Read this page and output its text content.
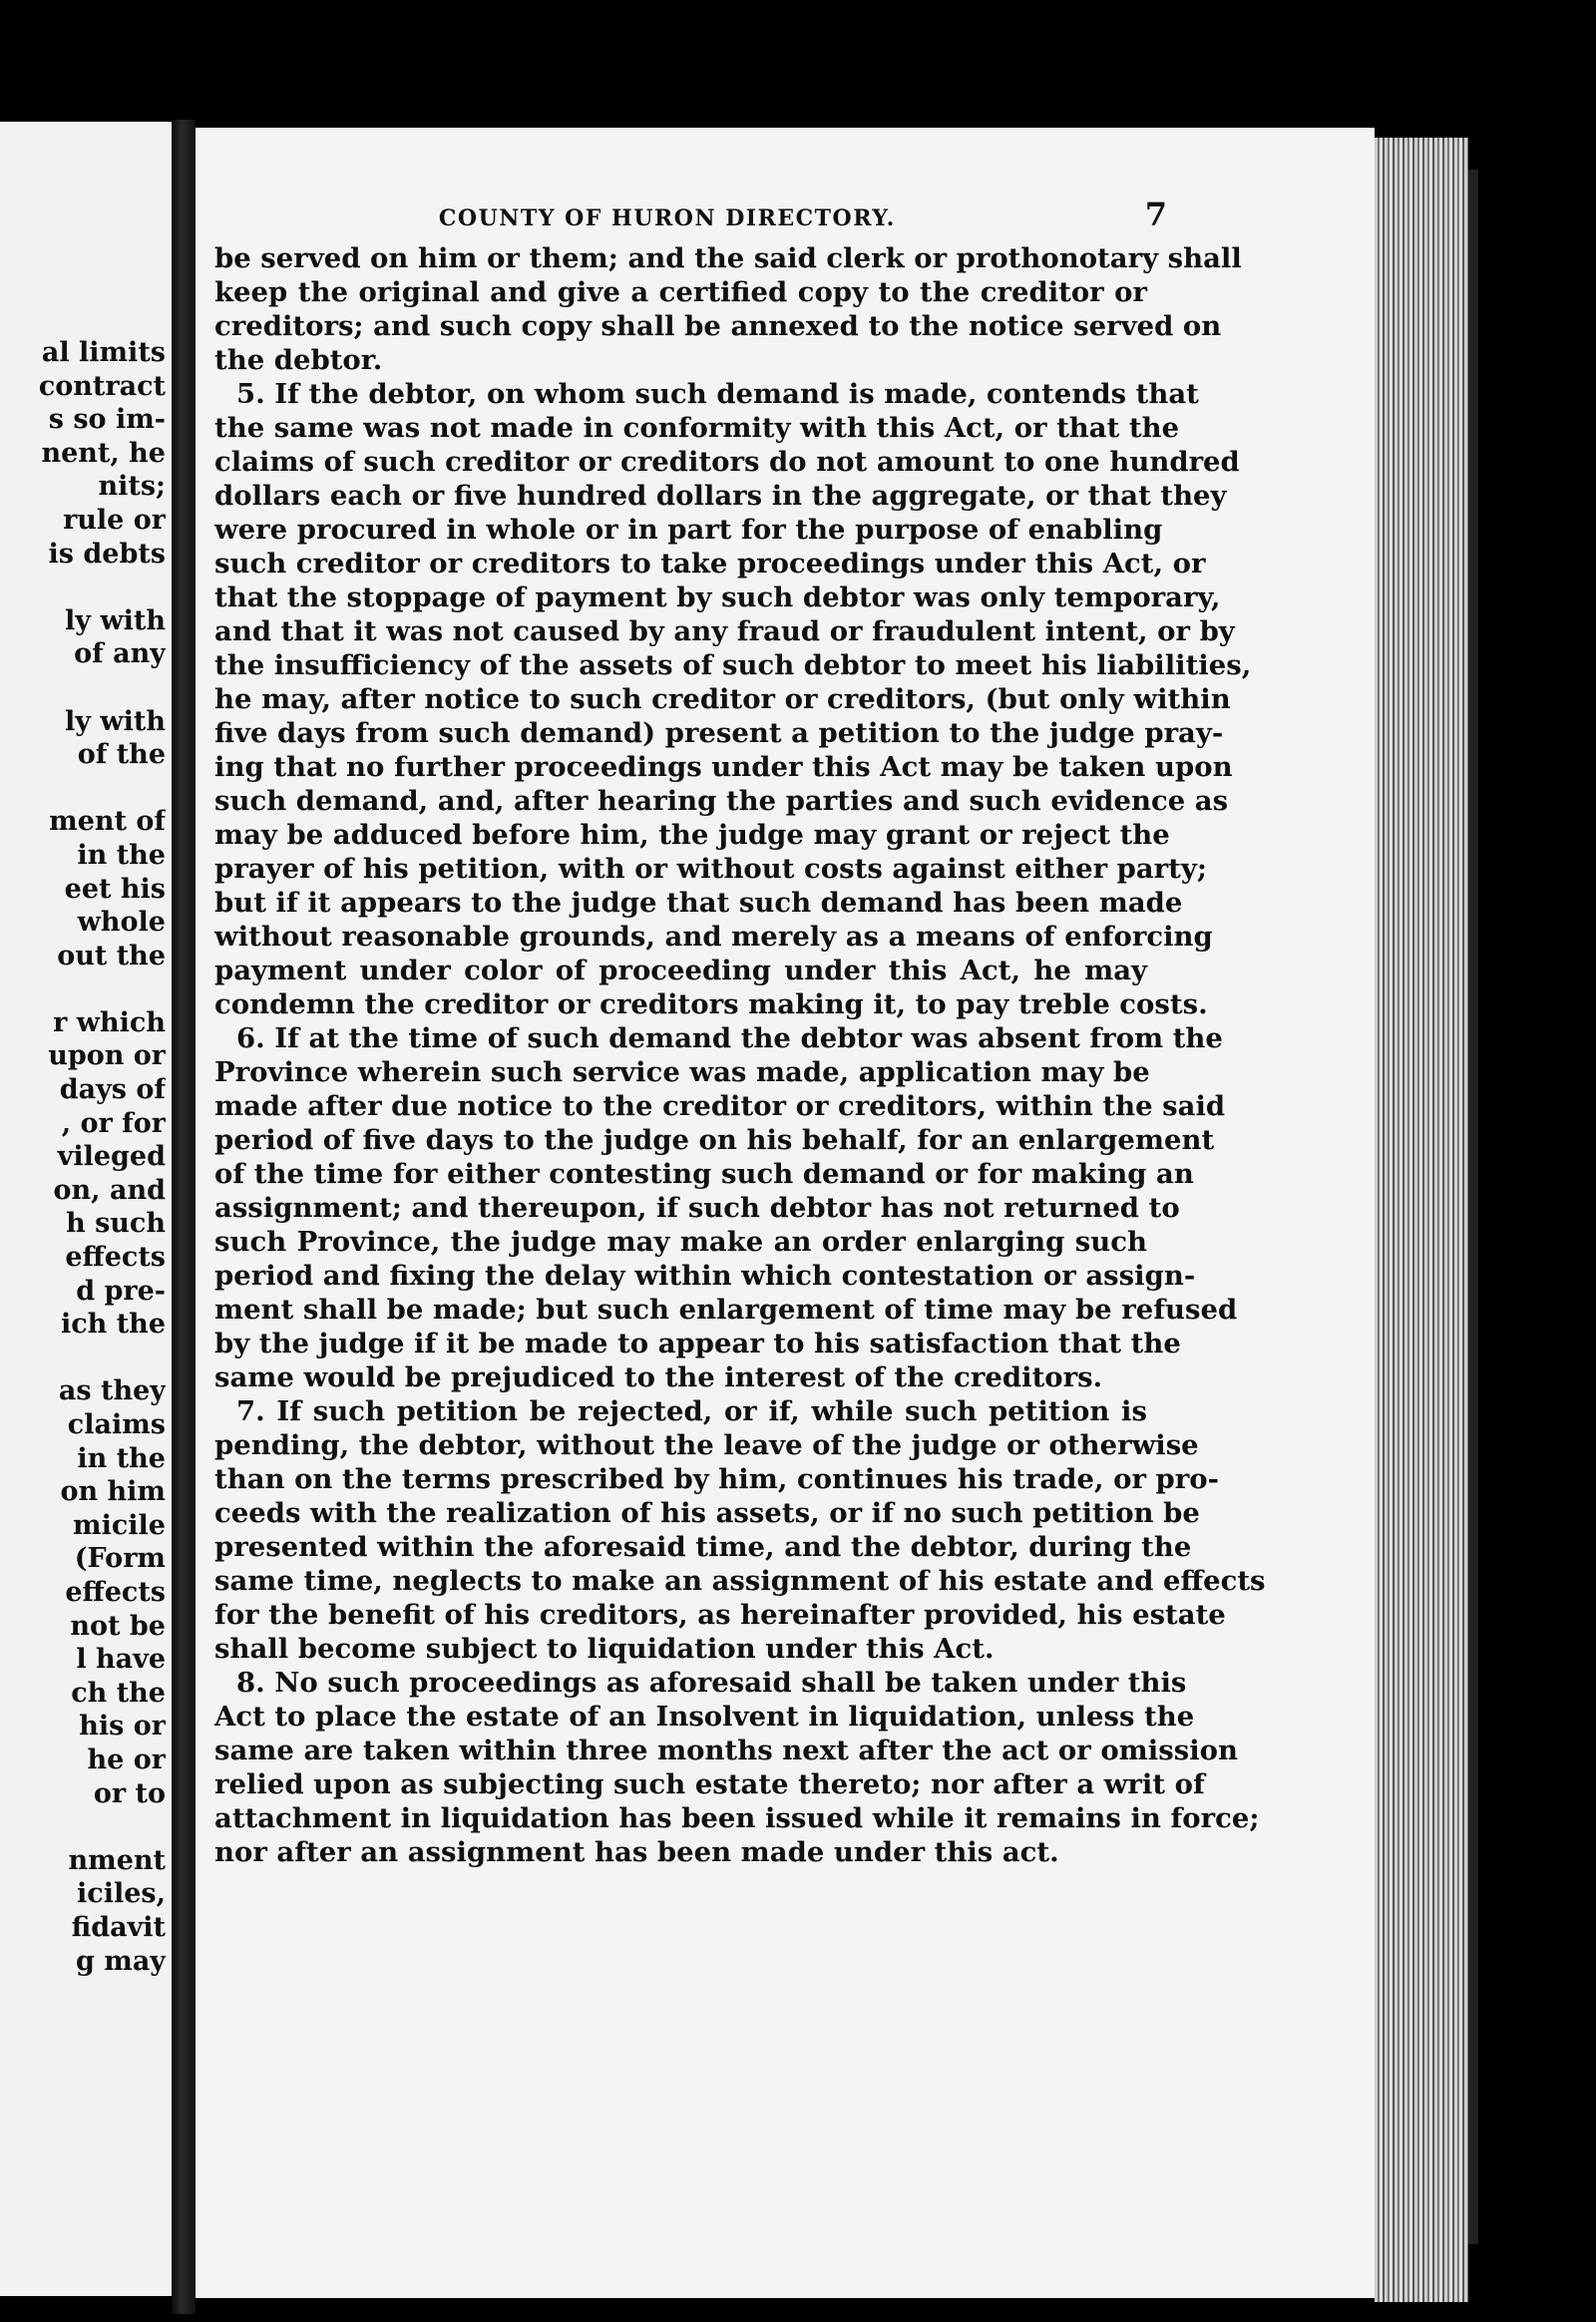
al limits
contract
s so im-
nent, he
nits;
rule or
is debts
ly with
of any
ly with
of the
ment of
in the
eet his
whole
out the
r which
upon or
days of
, or for
vileged
on, and
h such
effects
d pre-
ich the
as they
claims
in the
on him
micile
(Form
effects
not be
l have
ch the
his or
he or
or to
nment
iciles,
fidavit
g may
COUNTY OF HURON DIRECTORY.	7

be served on him or them; and the said clerk or prothonotary shall
keep the original and give a certified copy to the creditor or
creditors; and such copy shall be annexed to the notice served on
the debtor.

5. If the debtor, on whom such demand is made, contends that
the same was not made in conformity with this Act, or that the
claims of such creditor or creditors do not amount to one hundred
dollars each or five hundred dollars in the aggregate, or that they
were procured in whole or in part for the purpose of enabling
such creditor or creditors to take proceedings under this Act, or
that the stoppage of payment by such debtor was only temporary,
and that it was not caused by any fraud or fraudulent intent, or by
the insufficiency of the assets of such debtor to meet his liabilities,
he may, after notice to such creditor or creditors, (but only within
five days from such demand) present a petition to the judge pray-
ing that no further proceedings under this Act may be taken upon
such demand, and, after hearing the parties and such evidence as
may be adduced before him, the judge may grant or reject the
prayer of his petition, with or without costs against either party;
but if it appears to the judge that such demand has been made
without reasonable grounds, and merely as a means of enforcing
payment under color of proceeding under this Act, he may
condemn the creditor or creditors making it, to pay treble costs.

6. If at the time of such demand the debtor was absent from the
Province wherein such service was made, application may be
made after due notice to the creditor or creditors, within the said
period of five days to the judge on his behalf, for an enlargement
of the time for either contesting such demand or for making an
assignment; and thereupon, if such debtor has not returned to
such Province, the judge may make an order enlarging such
period and fixing the delay within which contestation or assign-
ment shall be made; but such enlargement of time may be refused
by the judge if it be made to appear to his satisfaction that the
same would be prejudiced to the interest of the creditors.

7. If such petition be rejected, or if, while such petition is
pending, the debtor, without the leave of the judge or otherwise
than on the terms prescribed by him, continues his trade, or pro-
ceeds with the realization of his assets, or if no such petition be
presented within the aforesaid time, and the debtor, during the
same time, neglects to make an assignment of his estate and effects
for the benefit of his creditors, as hereinafter provided, his estate
shall become subject to liquidation under this Act.

8. No such proceedings as aforesaid shall be taken under this
Act to place the estate of an Insolvent in liquidation, unless the
same are taken within three months next after the act or omission
relied upon as subjecting such estate thereto; nor after a writ of
attachment in liquidation has been issued while it remains in force;
nor after an assignment has been made under this act.
